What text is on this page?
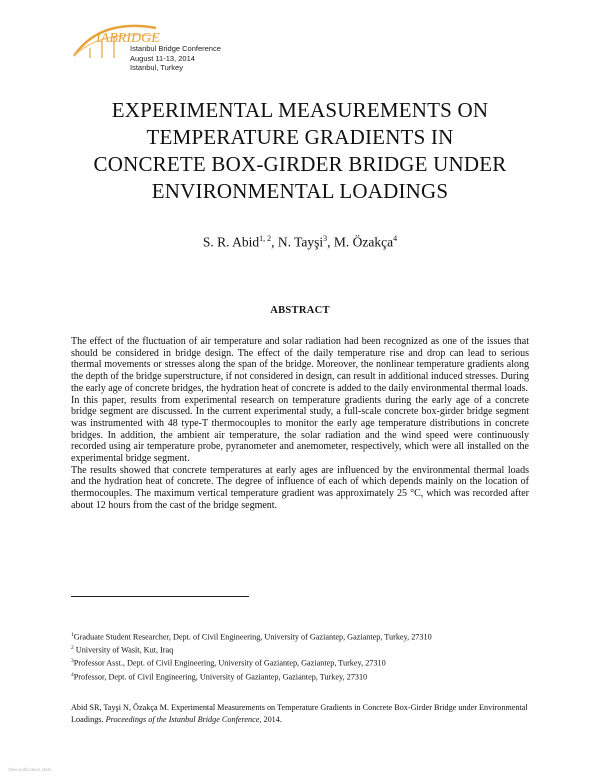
IABRIDGE
Istanbul Bridge Conference
August 11-13, 2014
Istanbul, Turkey
EXPERIMENTAL MEASUREMENTS ON
TEMPERATURE GRADIENTS IN
CONCRETE BOX-GIRDER BRIDGE UNDER
ENVIRONMENTAL LOADINGS
S. R. Abid$^{1, 2}$, N. Tayşi$^3$, M. Özakça$^4$
ABSTRACT

The effect of the fluctuation of air temperature and solar radiation had been recognized as one of the issues that should be considered in bridge design. The effect of the daily temperature rise and drop can lead to serious thermal movements or stresses along the span of the bridge. Moreover, the nonlinear temperature gradients along the depth of the bridge superstructure, if not considered in design, can result in additional induced stresses. During the early age of concrete bridges, the hydration heat of concrete is added to the daily environmental thermal loads.

In this paper, results from experimental research on temperature gradients during the early age of a concrete bridge segment are discussed. In the current experimental study, a full-scale concrete box-girder bridge segment was instrumented with 48 type-T thermocouples to monitor the early age temperature distributions in concrete bridges. In addition, the ambient air temperature, the solar radiation and the wind speed were continuously recorded using air temperature probe, pyranometer and anemometer, respectively, which were all installed on the experimental bridge segment.

The results showed that concrete temperatures at early ages are influenced by the environmental thermal loads and the hydration heat of concrete. The degree of influence of each of which depends mainly on the location of thermocouples. The maximum vertical temperature gradient was approximately 25 °C, which was recorded after about 12 hours from the cast of the bridge segment.

$^1$Graduate Student Researcher, Dept. of Civil Engineering, University of Gaziantep, Gaziantep, Turkey, 27310
$^2$ University of Wasit, Kut, Iraq
$^3$Professor Asst., Dept. of Civil Engineering, University of Gaziantep, Gaziantep, Turkey, 27310
$^4$Professor, Dept. of Civil Engineering, University of Gaziantep, Gaziantep, Turkey, 27310
Abid SR, Tayşi N, Özakça M. Experimental Measurements on Temperature Gradients in Concrete Box-Girder Bridge under Environmental Loadings. Proceedings of the Istanbul Bridge Conference, 2014.
View publication stats
